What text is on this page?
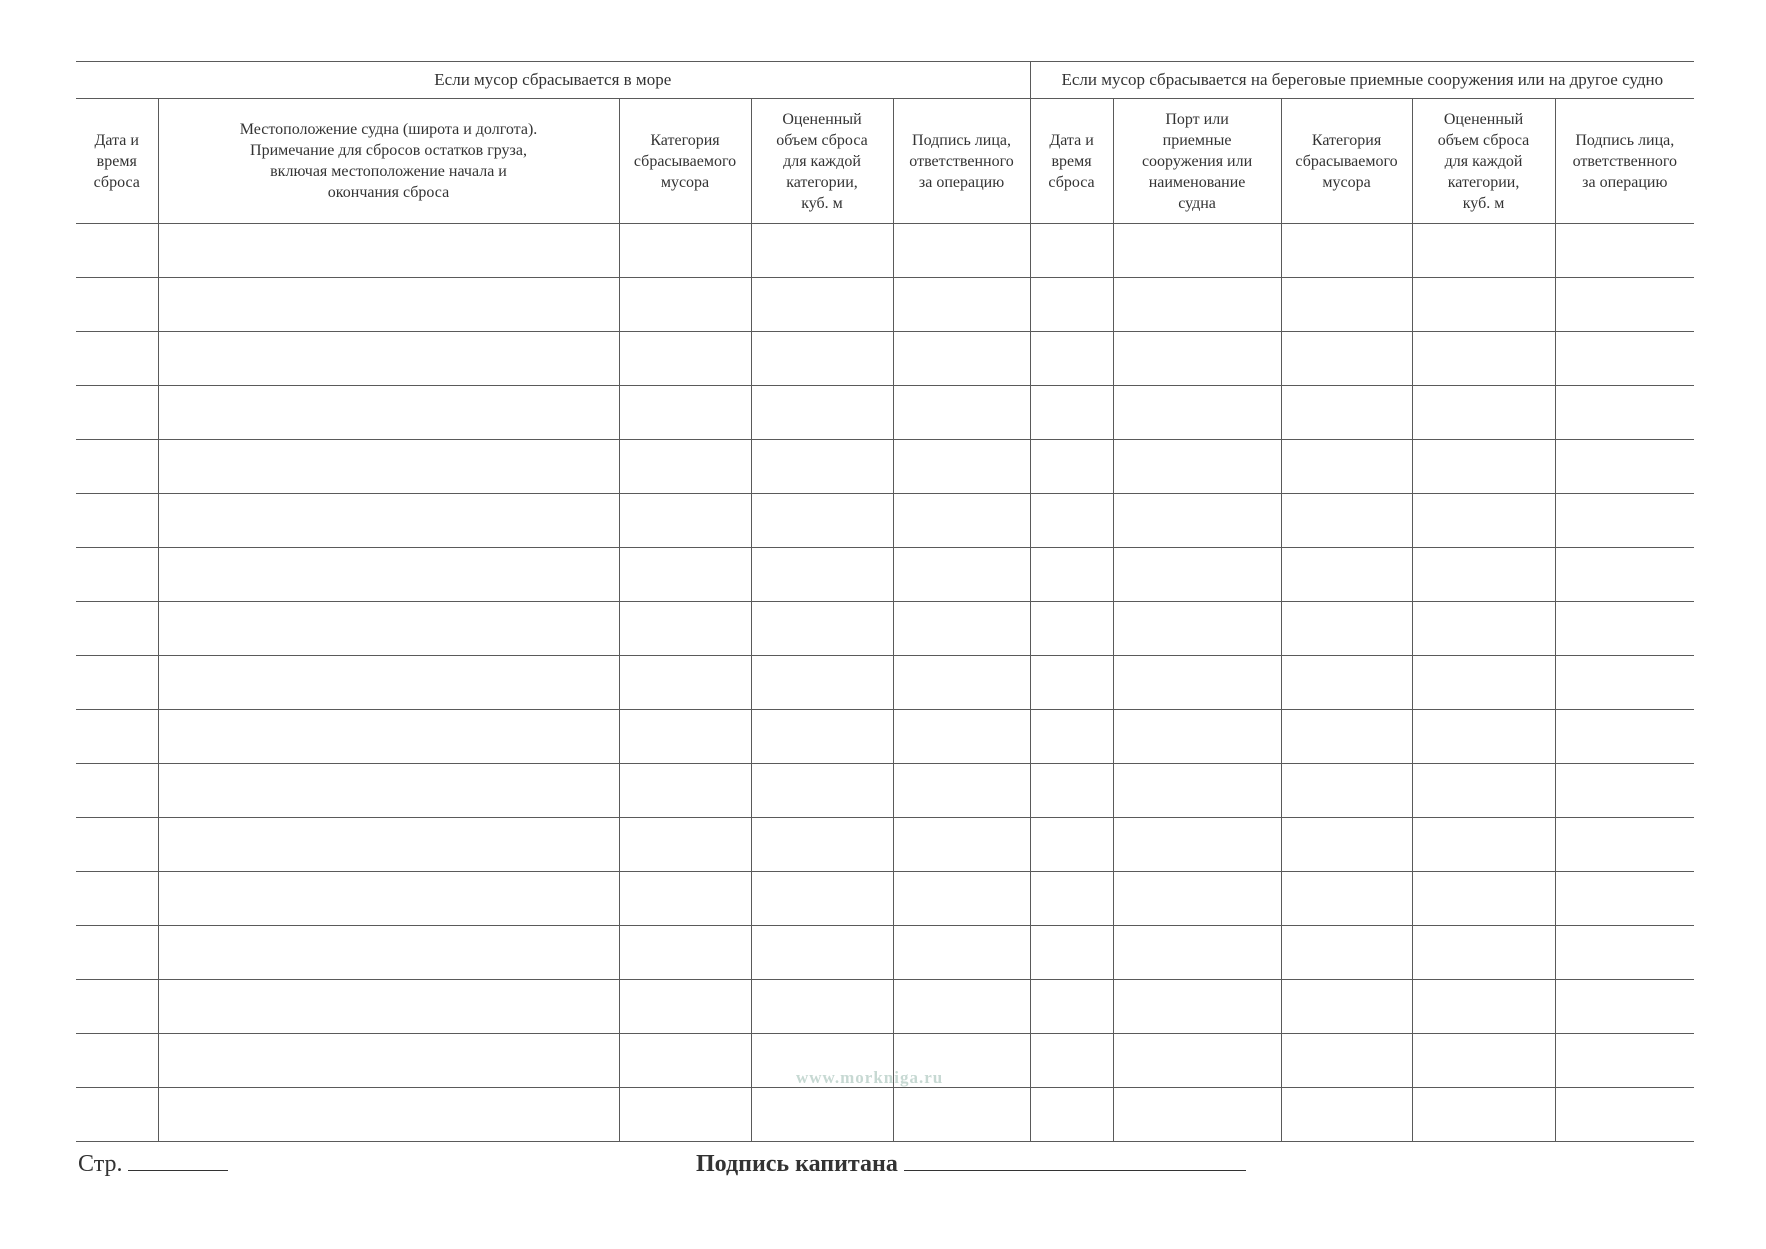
Если мусор сбрасывается в море					Если мусор сбрасывается на береговые приемные сооружения или на другое судно				
Дата и
время
сброса	Местоположение судна (широта и долгота).
Примечание для сбросов остатков груза,
включая местоположение начала и
окончания сброса	Категория
сбрасываемого
мусора	Оцененный
объем сброса
для каждой
категории,
куб. м	Подпись лица,
ответственного
за операцию	Дата и
время
сброса	Порт или
приемные
сооружения или
наименование
судна	Категория
сбрасываемого
мусора	Оцененный
объем сброса
для каждой
категории,
куб. м	Подпись лица,
ответственного
за операцию

www.morkniga.ru
Стр.	Подпись капитана
